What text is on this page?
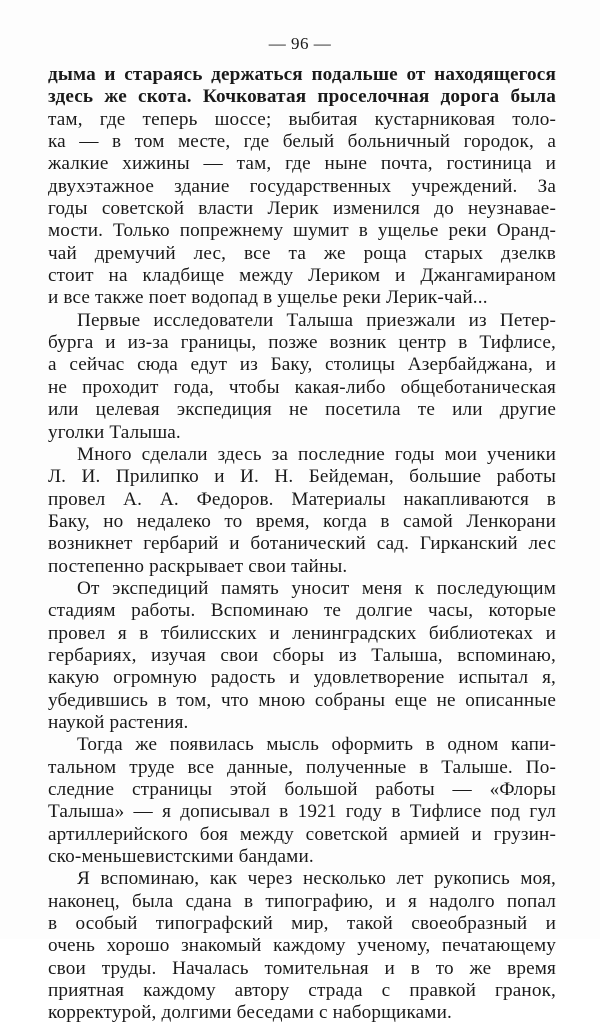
— 96 —
дыма и стараясь держаться подальше от находящегося
здесь же скота. Кочковатая проселочная дорога была
там, где теперь шоссе; выбитая кустарниковая толо-
ка — в том месте, где белый больничный городок, а
жалкие хижины — там, где ныне почта, гостиница и
двухэтажное здание государственных учреждений. За
годы советской власти Лерик изменился до неузнавае-
мости. Только попрежнему шумит в ущелье реки Оранд-
чай дремучий лес, все та же роща старых дзелкв
стоит на кладбище между Лериком и Джангамираном
и все также поет водопад в ущелье реки Лерик-чай...
Первые исследователи Талыша приезжали из Петер-
бурга и из-за границы, позже возник центр в Тифлисе,
а сейчас сюда едут из Баку, столицы Азербайджана, и
не проходит года, чтобы какая-либо общеботаническая
или целевая экспедиция не посетила те или другие
уголки Талыша.
Много сделали здесь за последние годы мои ученики
Л. И. Прилипко и И. Н. Бейдеман, большие работы
провел А. А. Федоров. Материалы накапливаются в
Баку, но недалеко то время, когда в самой Ленкорани
возникнет гербарий и ботанический сад. Гирканский лес
постепенно раскрывает свои тайны.
От экспедиций память уносит меня к последующим
стадиям работы. Вспоминаю те долгие часы, которые
провел я в тбилисских и ленинградских библиотеках и
гербариях, изучая свои сборы из Талыша, вспоминаю,
какую огромную радость и удовлетворение испытал я,
убедившись в том, что мною собраны еще не описанные
наукой растения.
Тогда же появилась мысль оформить в одном капи-
тальном труде все данные, полученные в Талыше. По-
следние страницы этой большой работы — «Флоры
Талыша» — я дописывал в 1921 году в Тифлисе под гул
артиллерийского боя между советской армией и грузин-
ско-меньшевистскими бандами.
Я вспоминаю, как через несколько лет рукопись моя,
наконец, была сдана в типографию, и я надолго попал
в особый типографский мир, такой своеобразный и
очень хорошо знакомый каждому ученому, печатающему
свои труды. Началась томительная и в то же время
приятная каждому автору страда с правкой гранок,
корректурой, долгими беседами с наборщиками.
